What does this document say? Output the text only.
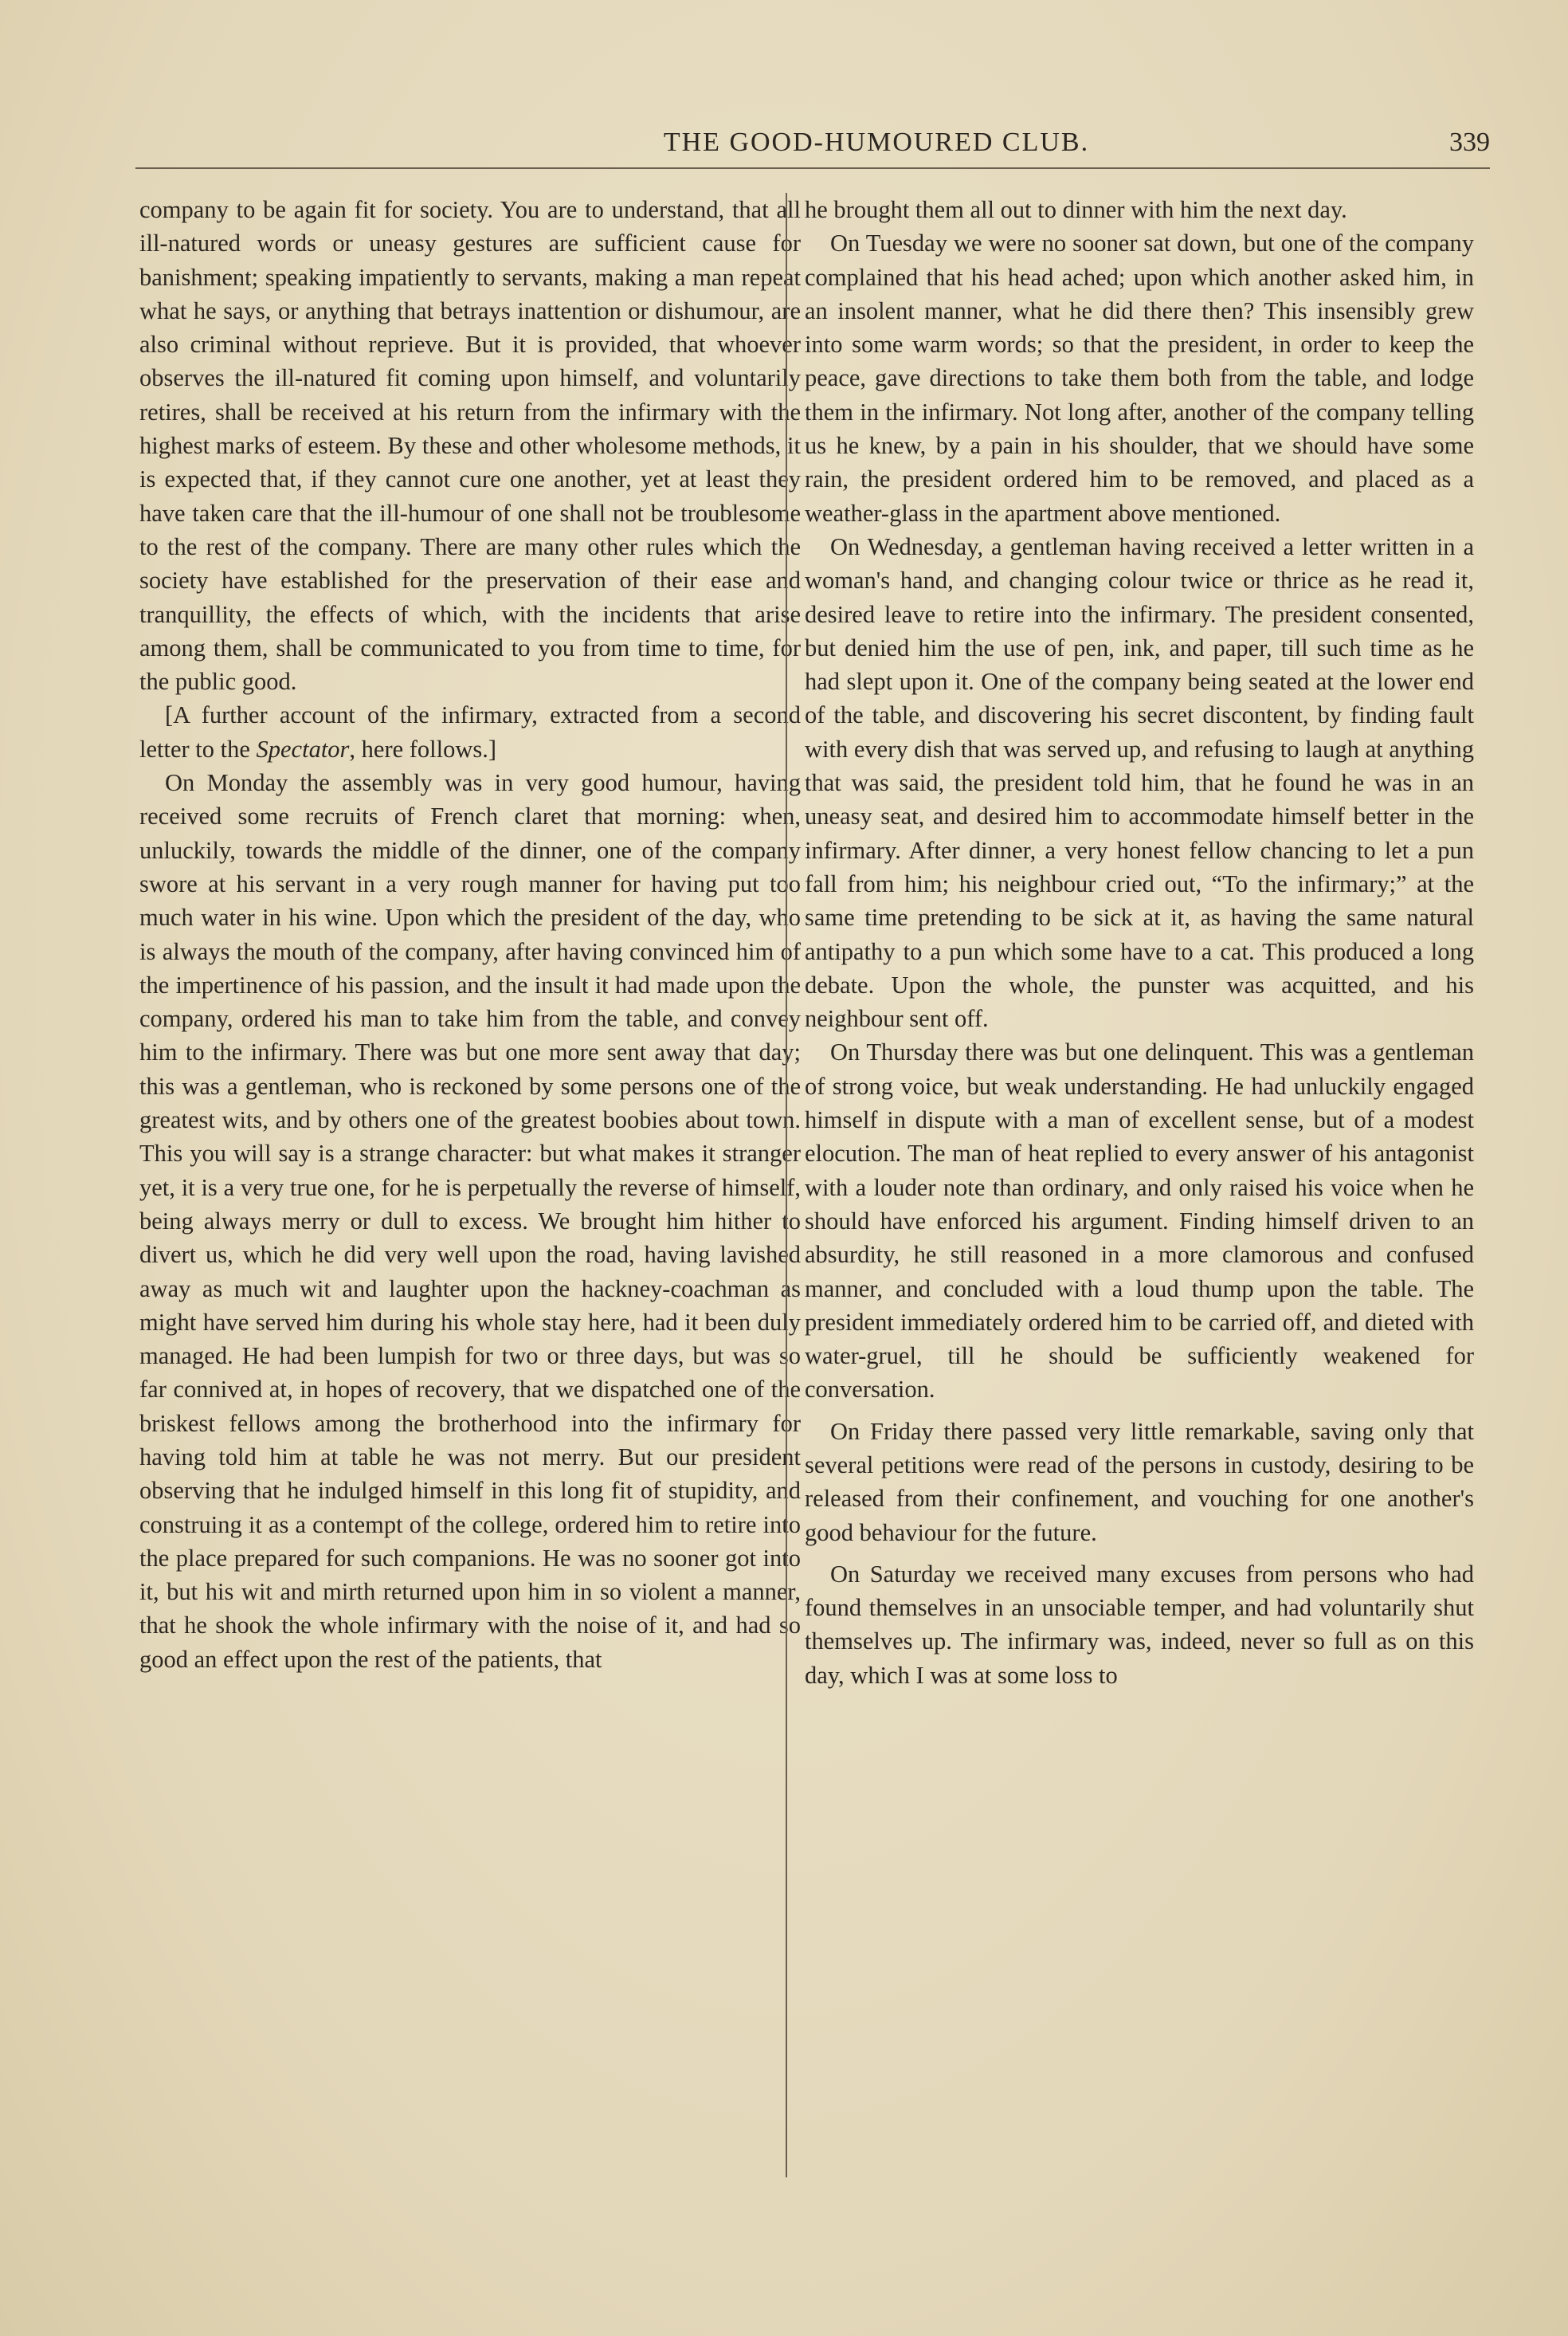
THE GOOD-HUMOURED CLUB.	339

company to be again fit for society. You are to understand, that all ill-natured words or uneasy gestures are sufficient cause for banishment; speaking impatiently to servants, making a man repeat what he says, or anything that betrays inattention or dishumour, are also criminal without reprieve. But it is provided, that whoever observes the ill-natured fit coming upon himself, and voluntarily retires, shall be received at his return from the infirmary with the highest marks of esteem. By these and other wholesome methods, it is expected that, if they cannot cure one another, yet at least they have taken care that the ill-humour of one shall not be troublesome to the rest of the company. There are many other rules which the society have established for the preservation of their ease and tranquillity, the effects of which, with the incidents that arise among them, shall be communicated to you from time to time, for the public good.

[A further account of the infirmary, extracted from a second letter to the Spectator, here follows.]

On Monday the assembly was in very good humour, having received some recruits of French claret that morning: when, unluckily, towards the middle of the dinner, one of the company swore at his servant in a very rough manner for having put too much water in his wine. Upon which the president of the day, who is always the mouth of the company, after having convinced him of the impertinence of his passion, and the insult it had made upon the company, ordered his man to take him from the table, and convey him to the infirmary. There was but one more sent away that day; this was a gentleman, who is reckoned by some persons one of the greatest wits, and by others one of the greatest boobies about town. This you will say is a strange character: but what makes it stranger yet, it is a very true one, for he is perpetually the reverse of himself, being always merry or dull to excess. We brought him hither to divert us, which he did very well upon the road, having lavished away as much wit and laughter upon the hackney-coachman as might have served him during his whole stay here, had it been duly managed. He had been lumpish for two or three days, but was so far connived at, in hopes of recovery, that we dispatched one of the briskest fellows among the brotherhood into the infirmary for having told him at table he was not merry. But our president observing that he indulged himself in this long fit of stupidity, and construing it as a contempt of the college, ordered him to retire into the place prepared for such companions. He was no sooner got into it, but his wit and mirth returned upon him in so violent a manner, that he shook the whole infirmary with the noise of it, and had so good an effect upon the rest of the patients, that

he brought them all out to dinner with him the next day.

On Tuesday we were no sooner sat down, but one of the company complained that his head ached; upon which another asked him, in an insolent manner, what he did there then? This insensibly grew into some warm words; so that the president, in order to keep the peace, gave directions to take them both from the table, and lodge them in the infirmary. Not long after, another of the company telling us he knew, by a pain in his shoulder, that we should have some rain, the president ordered him to be removed, and placed as a weather-glass in the apartment above mentioned.

On Wednesday, a gentleman having received a letter written in a woman's hand, and changing colour twice or thrice as he read it, desired leave to retire into the infirmary. The president consented, but denied him the use of pen, ink, and paper, till such time as he had slept upon it. One of the company being seated at the lower end of the table, and discovering his secret discontent, by finding fault with every dish that was served up, and refusing to laugh at anything that was said, the president told him, that he found he was in an uneasy seat, and desired him to accommodate himself better in the infirmary. After dinner, a very honest fellow chancing to let a pun fall from him; his neighbour cried out, “To the infirmary;” at the same time pretending to be sick at it, as having the same natural antipathy to a pun which some have to a cat. This produced a long debate. Upon the whole, the punster was acquitted, and his neighbour sent off.

On Thursday there was but one delinquent. This was a gentleman of strong voice, but weak understanding. He had unluckily engaged himself in dispute with a man of excellent sense, but of a modest elocution. The man of heat replied to every answer of his antagonist with a louder note than ordinary, and only raised his voice when he should have enforced his argument. Finding himself driven to an absurdity, he still reasoned in a more clamorous and confused manner, and concluded with a loud thump upon the table. The president immediately ordered him to be carried off, and dieted with water-gruel, till he should be sufficiently weakened for conversation.

On Friday there passed very little remarkable, saving only that several petitions were read of the persons in custody, desiring to be released from their confinement, and vouching for one another's good behaviour for the future.

On Saturday we received many excuses from persons who had found themselves in an unsociable temper, and had voluntarily shut themselves up. The infirmary was, indeed, never so full as on this day, which I was at some loss to
